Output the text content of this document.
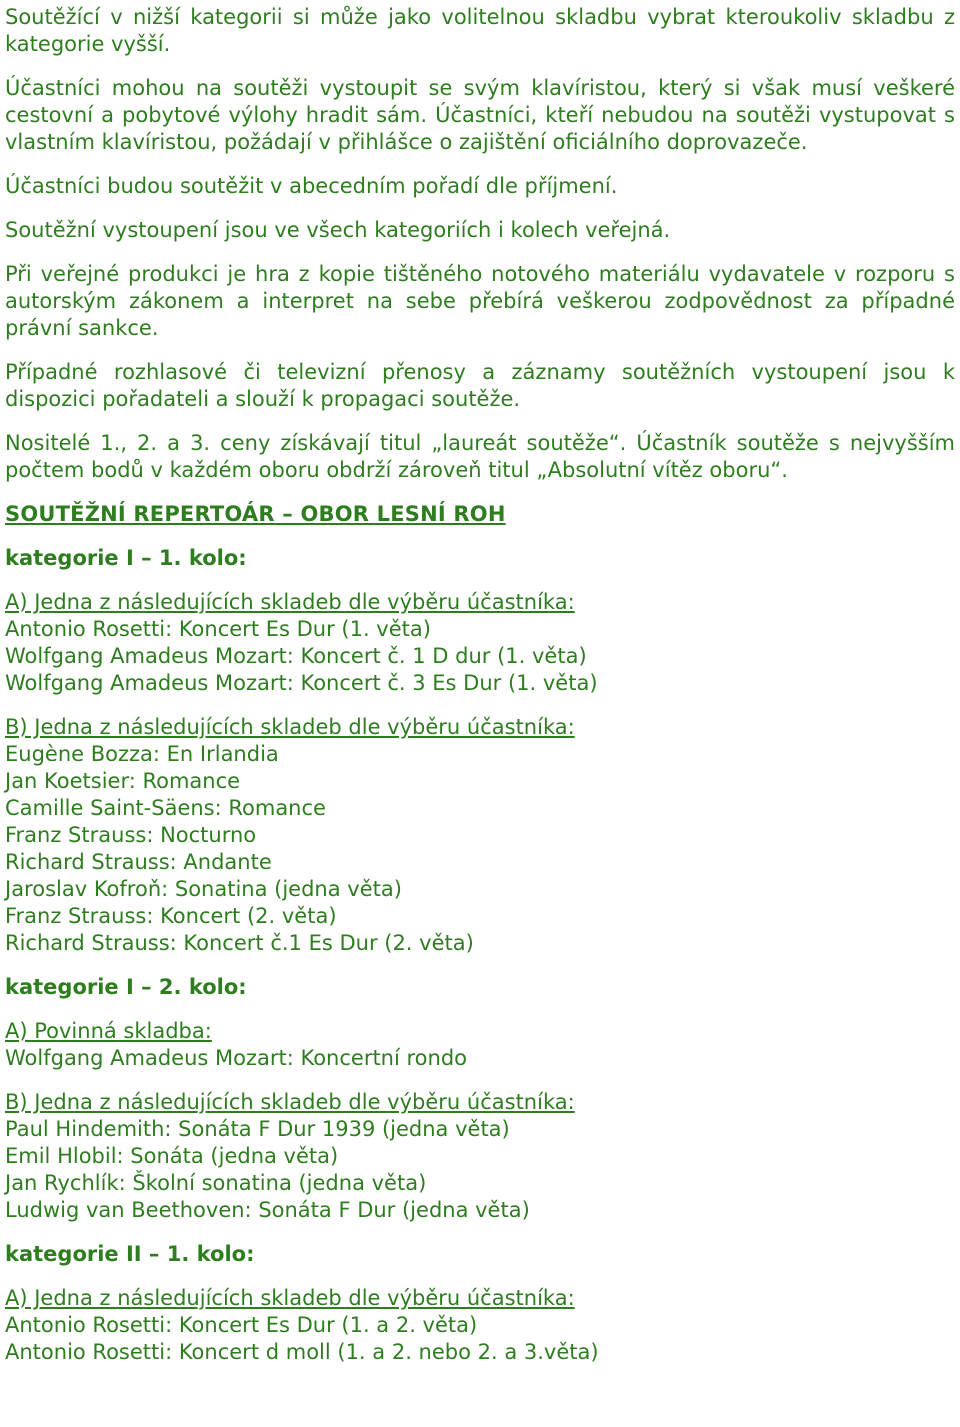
Soutěžící v nižší kategorii si může jako volitelnou skladbu vybrat kteroukoliv skladbu z kategorie vyšší.

Účastníci mohou na soutěži vystoupit se svým klavíristou, který si však musí veškeré cestovní a pobytové výlohy hradit sám. Účastníci, kteří nebudou na soutěži vystupovat s vlastním klavíristou, požádají v přihlášce o zajištění oficiálního doprovazeče.

Účastníci budou soutěžit v abecedním pořadí dle příjmení.

Soutěžní vystoupení jsou ve všech kategoriích i kolech veřejná.

Při veřejné produkci je hra z kopie tištěného notového materiálu vydavatele v rozporu s autorským zákonem a interpret na sebe přebírá veškerou zodpovědnost za případné právní sankce.

Případné rozhlasové či televizní přenosy a záznamy soutěžních vystoupení jsou k dispozici pořadateli a slouží k propagaci soutěže.

Nositelé 1., 2. a 3. ceny získávají titul „laureát soutěže“. Účastník soutěže s nejvyšším počtem bodů v každém oboru obdrží zároveň titul „Absolutní vítěz oboru“.

SOUTĚŽNÍ REPERTOÁR – OBOR LESNÍ ROH
kategorie I – 1. kolo:
A) Jedna z následujících skladeb dle výběru účastníka:
Antonio Rosetti: Koncert Es Dur (1. věta)
Wolfgang Amadeus Mozart: Koncert č. 1 D dur (1. věta)
Wolfgang Amadeus Mozart: Koncert č. 3 Es Dur (1. věta)
B) Jedna z následujících skladeb dle výběru účastníka:
Eugène Bozza: En Irlandia
Jan Koetsier: Romance
Camille Saint-Säens: Romance
Franz Strauss: Nocturno
Richard Strauss: Andante
Jaroslav Kofroň: Sonatina (jedna věta)
Franz Strauss: Koncert (2. věta)
Richard Strauss: Koncert č.1 Es Dur (2. věta)
kategorie I – 2. kolo:
A) Povinná skladba:
Wolfgang Amadeus Mozart: Koncertní rondo
B) Jedna z následujících skladeb dle výběru účastníka:
Paul Hindemith: Sonáta F Dur 1939 (jedna věta)
Emil Hlobil: Sonáta (jedna věta)
Jan Rychlík: Školní sonatina (jedna věta)
Ludwig van Beethoven: Sonáta F Dur (jedna věta)
kategorie II – 1. kolo:
A) Jedna z následujících skladeb dle výběru účastníka:
Antonio Rosetti: Koncert Es Dur (1. a 2. věta)
Antonio Rosetti: Koncert d moll (1. a 2. nebo 2. a 3.věta)
